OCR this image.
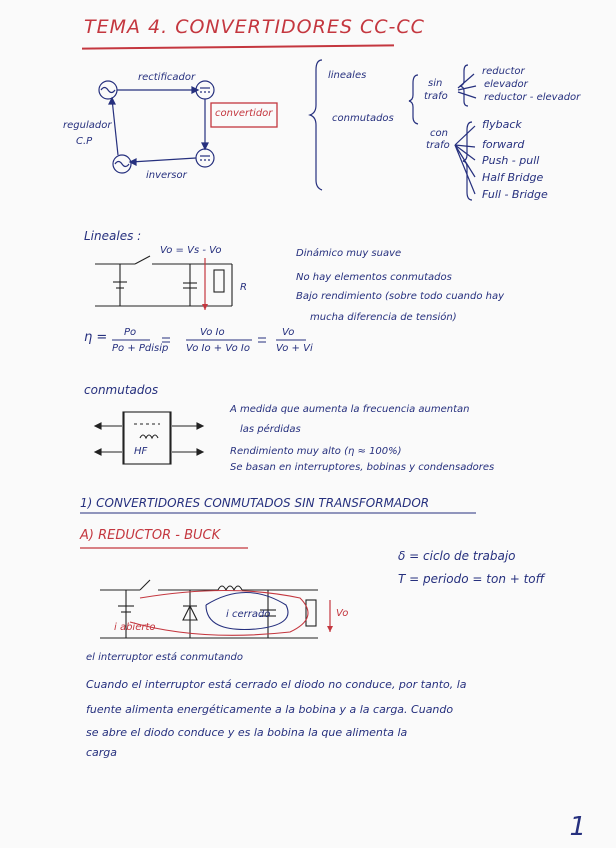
TEMA 4. CONVERTIDORES CC-CC
rectificador
regulador
C.P
convertidor
inversor
lineales
conmutados
sin
trafo
con
trafo
reductor
elevador
reductor - elevador
flyback
forward
Push - pull
Half Bridge
Full - Bridge
Lineales :
Vo = Vs - Vo
R
Dinámico muy suave
No hay elementos conmutados
Bajo rendimiento (sobre todo cuando hay
mucha diferencia de tensión)
η = Po
Po + Pdisip
Vo Io
Vo Io + Vo Io
Vo
Vo + Vi
conmutados
HF
A medida que aumenta la frecuencia aumentan
las pérdidas
Rendimiento muy alto (η ≈ 100%)
Se basan en interruptores, bobinas y condensadores
1) CONVERTIDORES CONMUTADOS SIN TRANSFORMADOR
A) REDUCTOR - BUCK
δ = ciclo de trabajo
T = periodo = ton + toff
i cerrado
i abierto
Vo
el interruptor está conmutando
Cuando el interruptor está cerrado el diodo no conduce, por tanto, la
fuente alimenta energéticamente a la bobina y a la carga. Cuando
se abre el diodo conduce y es la bobina la que alimenta la
carga
1
